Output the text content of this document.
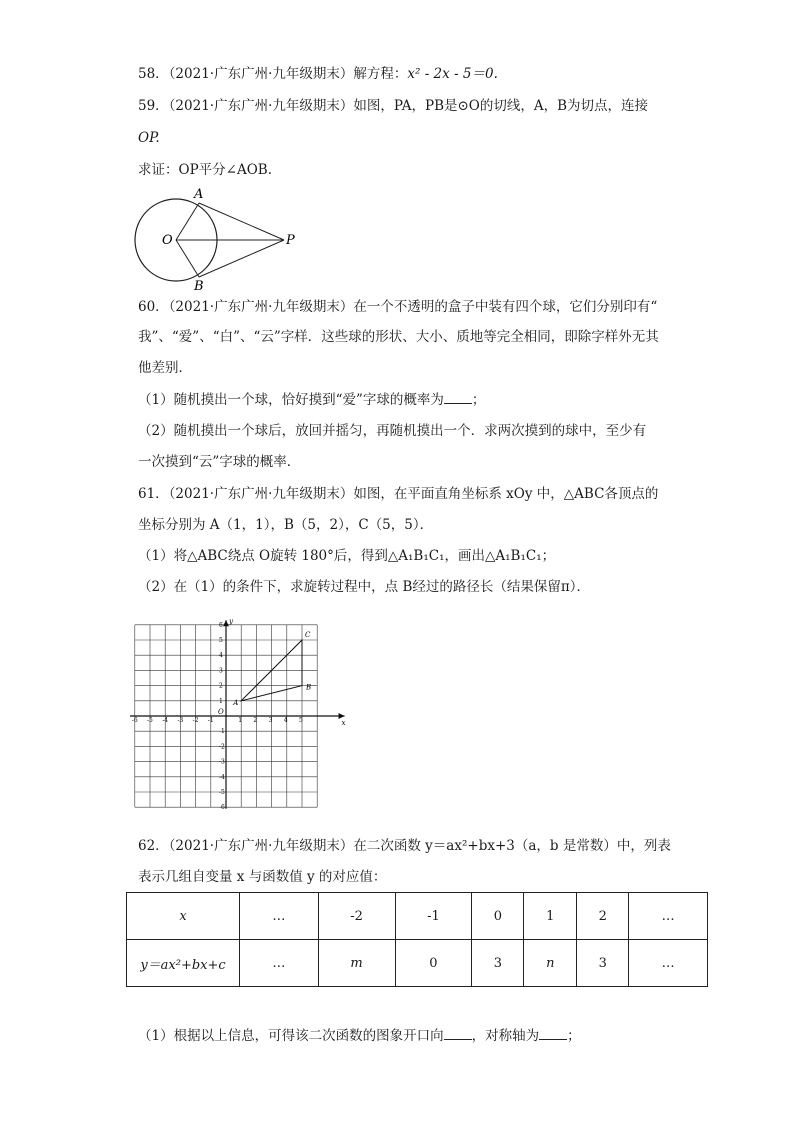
58．（2021·广东广州·九年级期末）解方程：x² - 2x - 5＝0.
59．（2021·广东广州·九年级期末）如图，PA，PB是⊙O的切线，A，B为切点，连接
OP.
求证：OP平分∠AOB.
A
O
B
P
60．（2021·广东广州·九年级期末）在一个不透明的盒子中装有四个球，它们分别印有“
我”、“爱”、“白”、“云”字样．这些球的形状、大小、质地等完全相同，即除字样外无其
他差别．
（1）随机摸出一个球，恰好摸到“爱”字球的概率为 ；
（2）随机摸出一个球后，放回并摇匀，再随机摸出一个．求两次摸到的球中，至少有
一次摸到“云”字球的概率．
61．（2021·广东广州·九年级期末）如图，在平面直角坐标系 xOy 中，△ABC各顶点的
坐标分别为 A（1，1），B（5，2），C（5，5）．
（1）将△ABC绕点 O旋转 180°后，得到△A₁B₁C₁，画出△A₁B₁C₁；
（2）在（1）的条件下，求旋转过程中，点 B经过的路径长（结果保留π）．
-6 -5 -4 -3 -2 -1	1 2 3 4 5
6
5
4
3
2
1
-1
-2
-3
-4
-5
-6
x
y
O
A
B
C
62．（2021·广东广州·九年级期末）在二次函数 y＝ax²+bx+3（a，b 是常数）中，列表
表示几组自变量 x 与函数值 y 的对应值：
x	…	-2	-1	0	1	2	…
y＝ax²+bx+c	…	m	0	3	n	3	…
（1）根据以上信息，可得该二次函数的图象开口向 ，对称轴为 ；
